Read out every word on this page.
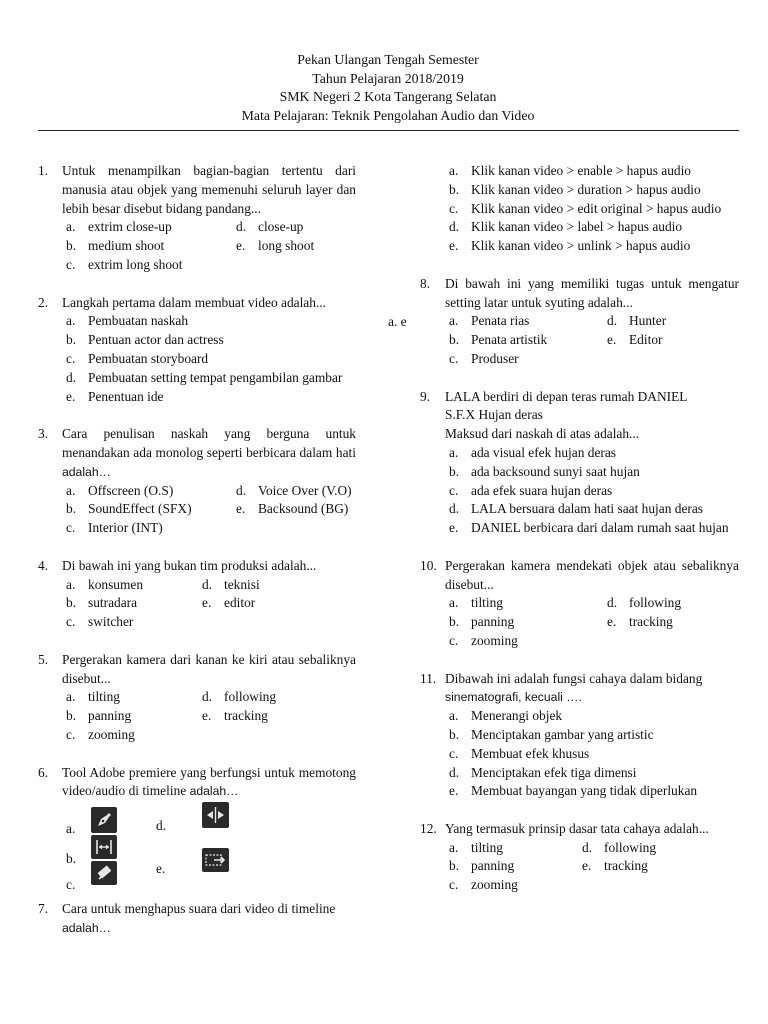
Pekan Ulangan Tengah Semester
Tahun Pelajaran 2018/2019
SMK Negeri 2 Kota Tangerang Selatan
Mata Pelajaran: Teknik Pengolahan Audio dan Video
a. e
1. Untuk menampilkan bagian-bagian tertentu dari manusia atau objek yang memenuhi seluruh layer dan lebih besar disebut bidang pandang...
a. extrim close-up	d. close-up
b. medium shoot	e. long shoot
c. extrim long shoot
2. Langkah pertama dalam membuat video adalah...
a. Pembuatan naskah
b. Pentuan actor dan actress
c. Pembuatan storyboard
d. Pembuatan setting tempat pengambilan gambar
e. Penentuan ide
3. Cara penulisan naskah yang berguna untuk menandakan ada monolog seperti berbicara dalam hati adalah…
a. Offscreen (O.S)	d. Voice Over (V.O)
b. SoundEffect (SFX)	e. Backsound (BG)
c. Interior (INT)
4. Di bawah ini yang bukan tim produksi adalah...
a. konsumen	d. teknisi
b. sutradara	e. editor
c. switcher
5. Pergerakan kamera dari kanan ke kiri atau sebaliknya disebut...
a. tilting	d. following
b. panning	e. tracking
c. zooming
6. Tool Adobe premiere yang berfungsi untuk memotong video/audio di timeline adalah…
a.
b.
c.
d.
e.
7. Cara untuk menghapus suara dari video di timeline
adalah…
a. Klik kanan video > enable > hapus audio
b. Klik kanan video > duration > hapus audio
c. Klik kanan video > edit original > hapus audio
d. Klik kanan video > label > hapus audio
e. Klik kanan video > unlink > hapus audio
8. Di bawah ini yang memiliki tugas untuk mengatur setting latar untuk syuting adalah...
a. Penata rias	d. Hunter
b. Penata artistik	e. Editor
c. Produser
9. LALA berdiri di depan teras rumah DANIEL
S.F.X Hujan deras
Maksud dari naskah di atas adalah...
a. ada visual efek hujan deras
b. ada backsound sunyi saat hujan
c. ada efek suara hujan deras
d. LALA bersuara dalam hati saat hujan deras
e. DANIEL berbicara dari dalam rumah saat hujan
10. Pergerakan kamera mendekati objek atau sebaliknya disebut...
a. tilting	d. following
b. panning	e. tracking
c. zooming
11. Dibawah ini adalah fungsi cahaya dalam bidang
sinematografi, kecuali ….
a. Menerangi objek
b. Menciptakan gambar yang artistic
c. Membuat efek khusus
d. Menciptakan efek tiga dimensi
e. Membuat bayangan yang tidak diperlukan
12. Yang termasuk prinsip dasar tata cahaya adalah...
a. tilting	d. following
b. panning	e. tracking
c. zooming
